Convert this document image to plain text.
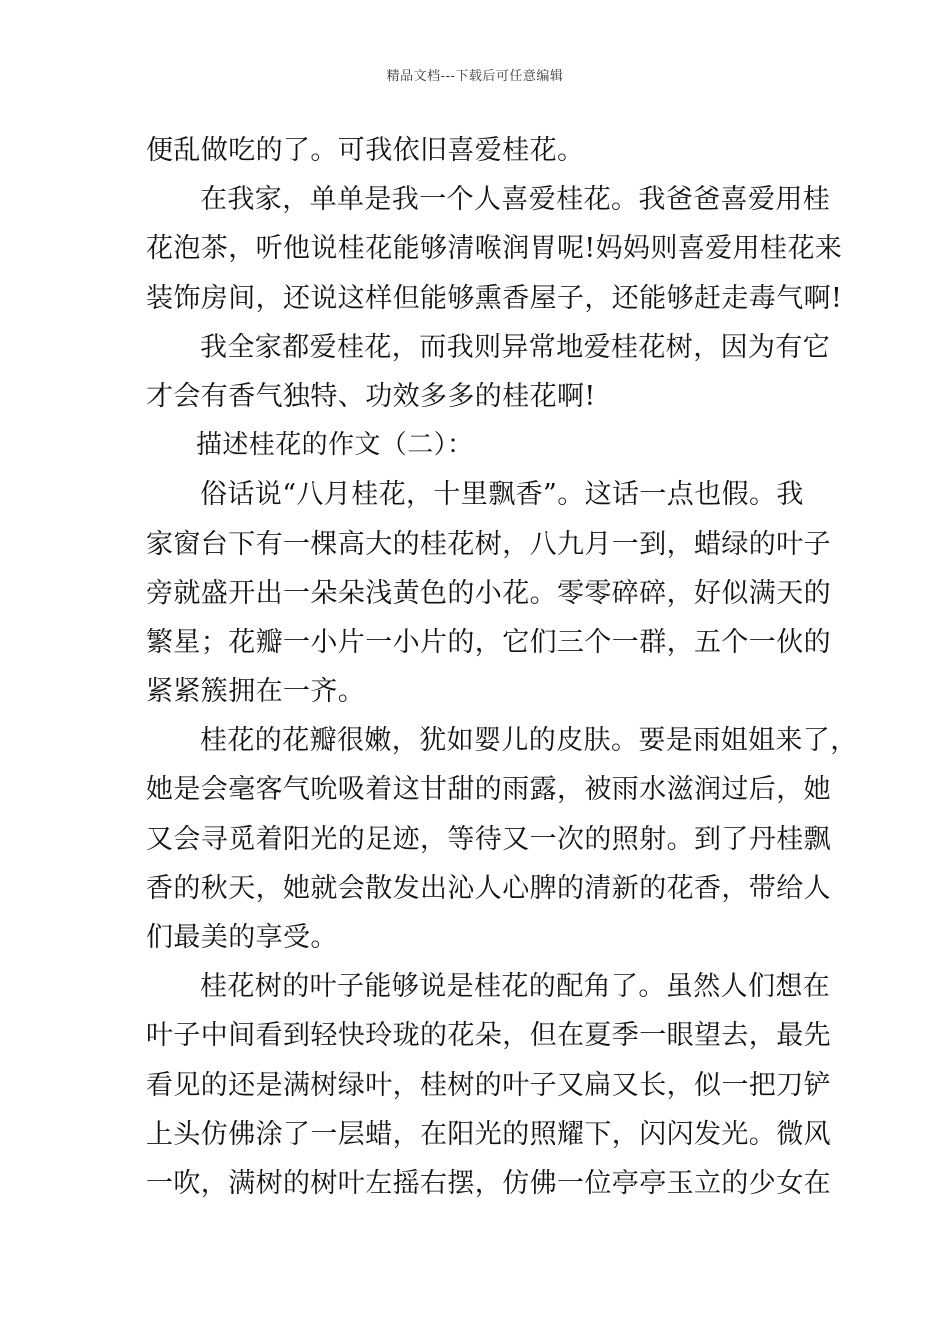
精品文档---下载后可任意编辑
便乱做吃的了。可我依旧喜爱桂花。
在我家，单单是我一个人喜爱桂花。我爸爸喜爱用桂
花泡茶，听他说桂花能够清喉润胃呢!妈妈则喜爱用桂花来
装饰房间，还说这样但能够熏香屋子，还能够赶走毒气啊!
我全家都爱桂花，而我则异常地爱桂花树，因为有它
才会有香气独特、功效多多的桂花啊!
描述桂花的作文（二）：
俗话说“八月桂花，十里飘香”。这话一点也假。我
家窗台下有一棵高大的桂花树，八九月一到，蜡绿的叶子
旁就盛开出一朵朵浅黄色的小花。零零碎碎，好似满天的
繁星；花瓣一小片一小片的，它们三个一群，五个一伙的
紧紧簇拥在一齐。
桂花的花瓣很嫩，犹如婴儿的皮肤。要是雨姐姐来了，
她是会毫客气吮吸着这甘甜的雨露，被雨水滋润过后，她
又会寻觅着阳光的足迹，等待又一次的照射。到了丹桂飘
香的秋天，她就会散发出沁人心脾的清新的花香，带给人
们最美的享受。
桂花树的叶子能够说是桂花的配角了。虽然人们想在
叶子中间看到轻快玲珑的花朵，但在夏季一眼望去，最先
看见的还是满树绿叶，桂树的叶子又扁又长，似一把刀铲
上头仿佛涂了一层蜡，在阳光的照耀下，闪闪发光。微风
一吹，满树的树叶左摇右摆，仿佛一位亭亭玉立的少女在
